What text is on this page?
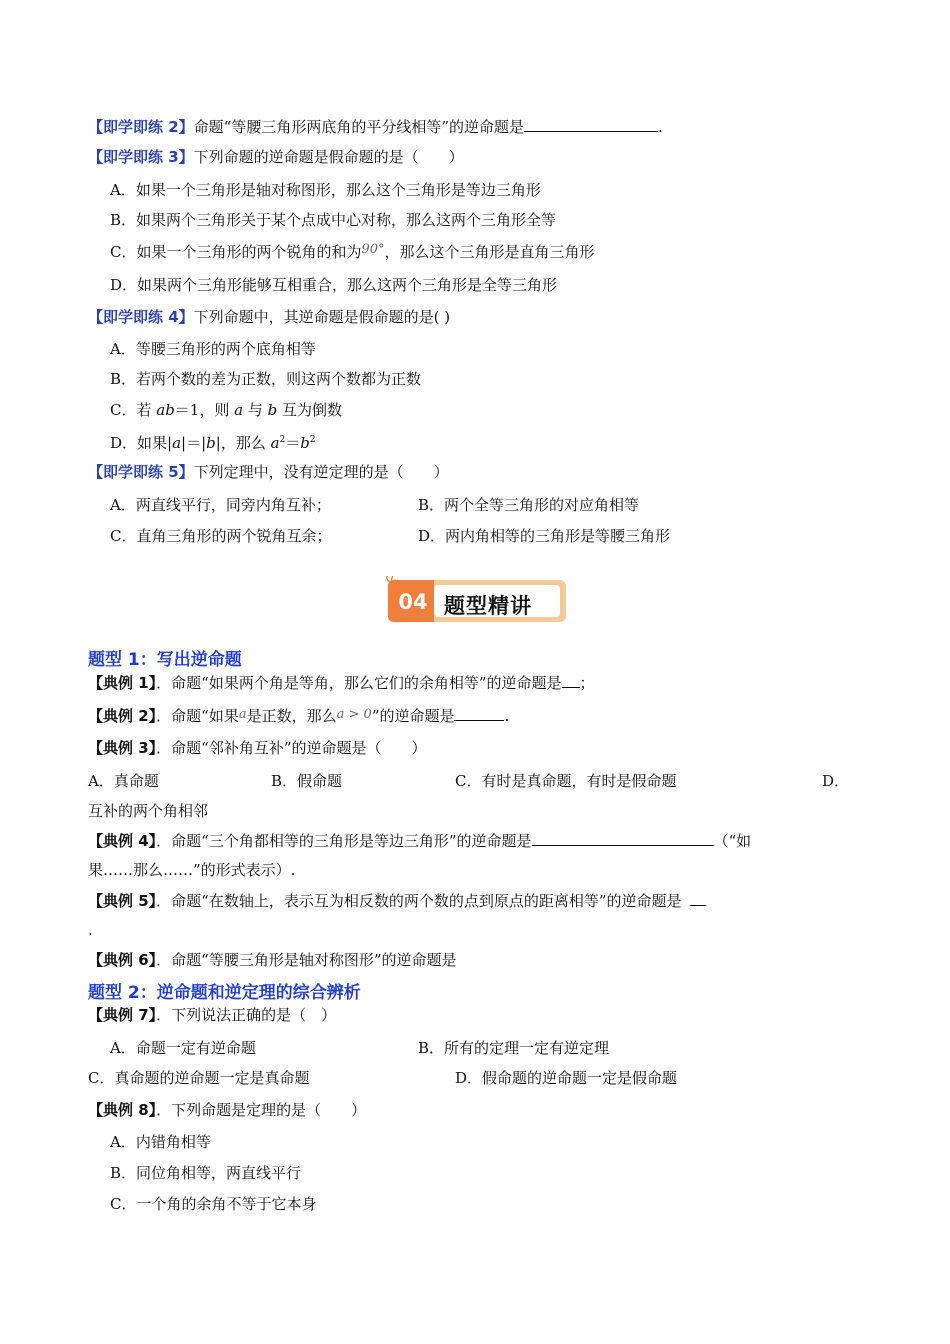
【即学即练 2】命题“等腰三角形两底角的平分线相等”的逆命题是	.
【即学即练 3】下列命题的逆命题是假命题的是（　　）
A．如果一个三角形是轴对称图形，那么这个三角形是等边三角形
B．如果两个三角形关于某个点成中心对称，那么这两个三角形全等
C．如果一个三角形的两个锐角的和为90°，那么这个三角形是直角三角形
D．如果两个三角形能够互相重合，那么这两个三角形是全等三角形
【即学即练 4】下列命题中，其逆命题是假命题的是( )
A．等腰三角形的两个底角相等
B．若两个数的差为正数，则这两个数都为正数
C．若 ab＝1，则 a 与 b 互为倒数
D．如果|a|＝|b|，那么 $a^2=b^2$
【即学即练 5】下列定理中，没有逆定理的是（　　）
A．两直线平行，同旁内角互补；	B．两个全等三角形的对应角相等
C．直角三角形的两个锐角互余；	D．两内角相等的三角形是等腰三角形
04 题型精讲
题型 1：写出逆命题
【典例 1】．命题“如果两个角是等角，那么它们的余角相等”的逆命题是 ；
【典例 2】．命题“如果a是正数，那么a > 0”的逆命题是	.
【典例 3】．命题“邻补角互补”的逆命题是（　　）
A．真命题	B．假命题	C．有时是真命题，有时是假命题	D．
互补的两个角相邻
【典例 4】．命题“三个角都相等的三角形是等边三角形”的逆命题是	（“如
果……那么……”的形式表示）.
【典例 5】．命题“在数轴上，表示互为相反数的两个数的点到原点的距离相等”的逆命题是
.
【典例 6】．命题“等腰三角形是轴对称图形”的逆命题是
题型 2：逆命题和逆定理的综合辨析
【典例 7】．下列说法正确的是（　）
A．命题一定有逆命题	B．所有的定理一定有逆定理
C．真命题的逆命题一定是真命题	D．假命题的逆命题一定是假命题
【典例 8】．下列命题是定理的是（　　）
A．内错角相等
B．同位角相等，两直线平行
C．一个角的余角不等于它本身
